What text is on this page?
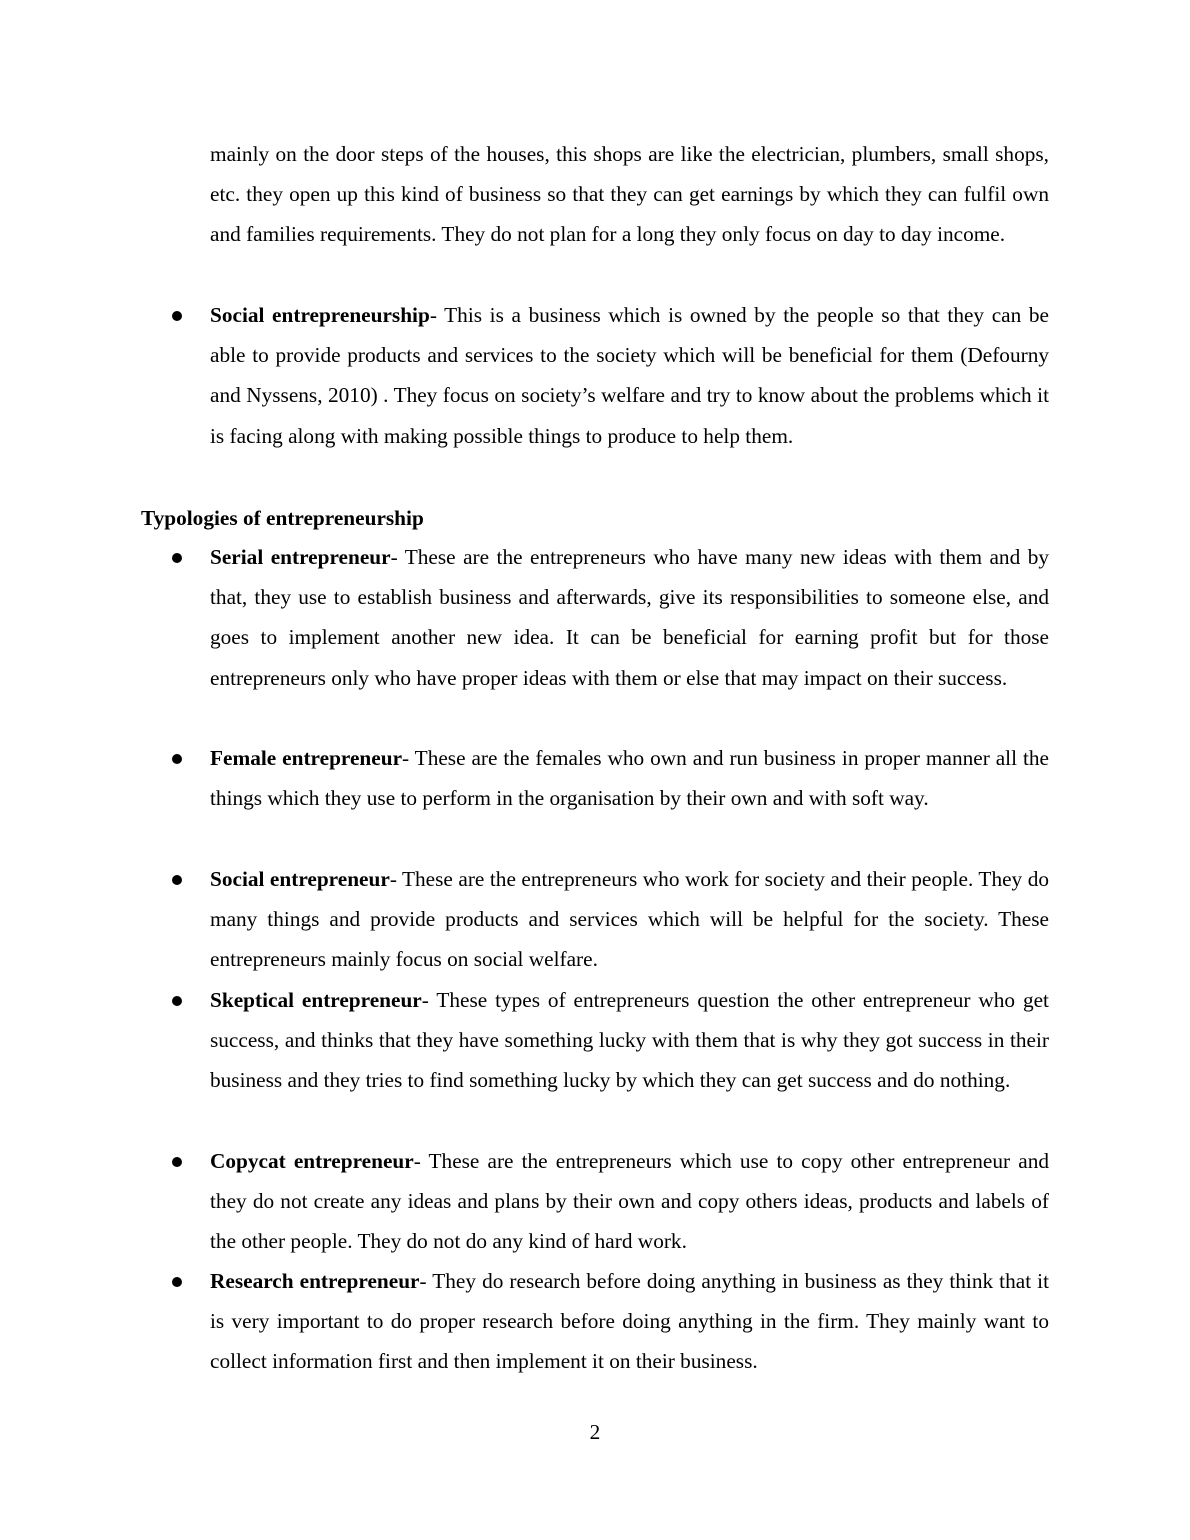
mainly on the door steps of the houses, this shops are like the electrician, plumbers, small shops, etc. they open up this kind of business so that they can get earnings by which they can fulfil own and families requirements. They do not plan for a long they only focus on day to day income.

Social entrepreneurship- This is a business which is owned by the people so that they can be able to provide products and services to the society which will be beneficial for them (Defourny and Nyssens, 2010) . They focus on society’s welfare and try to know about the problems which it is facing along with making possible things to produce to help them.

Typologies of entrepreneurship

Serial entrepreneur- These are the entrepreneurs who have many new ideas with them and by that, they use to establish business and afterwards, give its responsibilities to someone else, and goes to implement another new idea. It can be beneficial for earning profit but for those entrepreneurs only who have proper ideas with them or else that may impact on their success.

Female entrepreneur- These are the females who own and run business in proper manner all the things which they use to perform in the organisation by their own and with soft way.

Social entrepreneur- These are the entrepreneurs who work for society and their people. They do many things and provide products and services which will be helpful for the society. These entrepreneurs mainly focus on social welfare.

Skeptical entrepreneur- These types of entrepreneurs question the other entrepreneur who get success, and thinks that they have something lucky with them that is why they got success in their business and they tries to find something lucky by which they can get success and do nothing.

Copycat entrepreneur- These are the entrepreneurs which use to copy other entrepreneur and they do not create any ideas and plans by their own and copy others ideas, products and labels of the other people. They do not do any kind of hard work.

Research entrepreneur- They do research before doing anything in business as they think that it is very important to do proper research before doing anything in the firm. They mainly want to collect information first and then implement it on their business.

2
